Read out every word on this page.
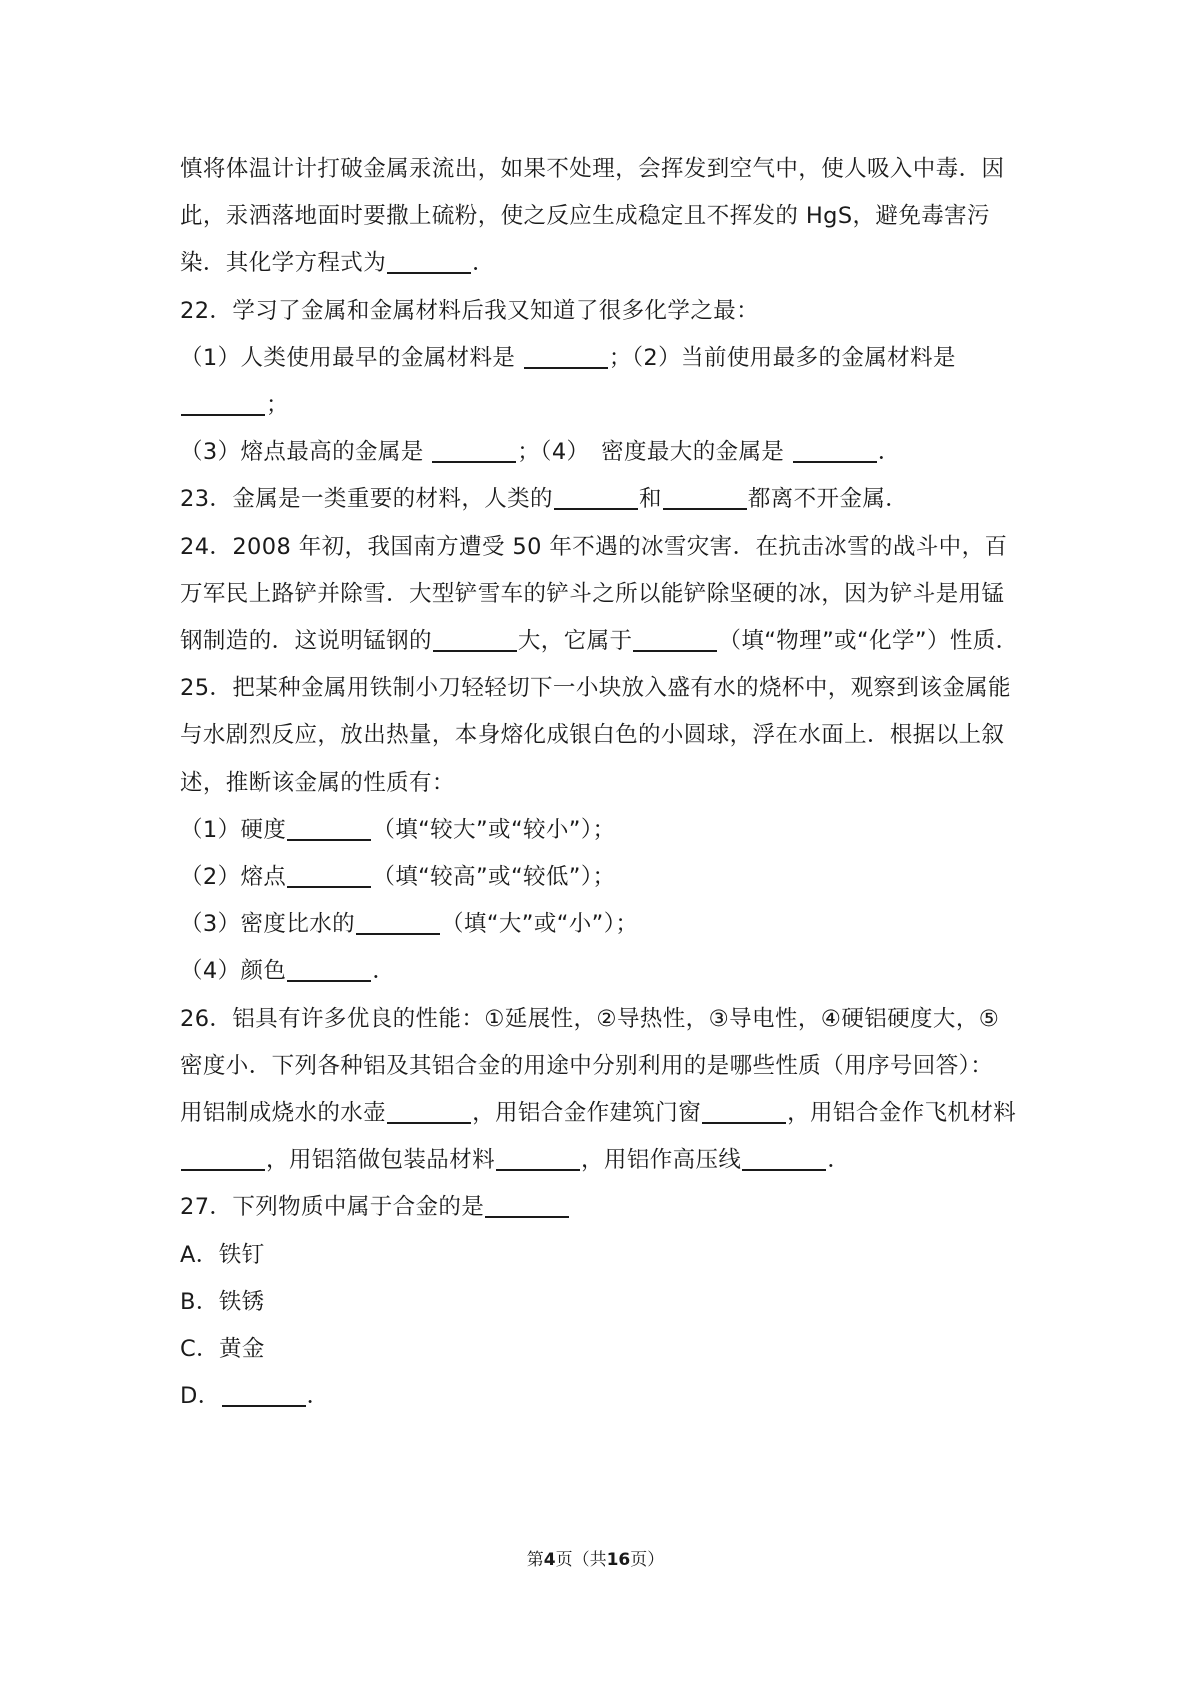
慎将体温计计打破金属汞流出，如果不处理，会挥发到空气中，使人吸入中毒．因此，汞洒落地面时要撒上硫粉，使之反应生成稳定且不挥发的 HgS，避免毒害污染．其化学方程式为	．

22．学习了金属和金属材料后我又知道了很多化学之最：

（1）人类使用最早的金属材料是	；（2）当前使用最多的金属材料是 ；

（3）熔点最高的金属是	；（4）　密度最大的金属是	．

23．金属是一类重要的材料，人类的	和	都离不开金属．

24．2008 年初，我国南方遭受 50 年不遇的冰雪灾害．在抗击冰雪的战斗中，百万军民上路铲并除雪．大型铲雪车的铲斗之所以能铲除坚硬的冰，因为铲斗是用锰钢制造的．这说明锰钢的	大，它属于	（填“物理”或“化学”）性质．

25．把某种金属用铁制小刀轻轻切下一小块放入盛有水的烧杯中，观察到该金属能与水剧烈反应，放出热量，本身熔化成银白色的小圆球，浮在水面上．根据以上叙述，推断该金属的性质有：

（1）硬度	（填“较大”或“较小”）；

（2）熔点	（填“较高”或“较低”）；

（3）密度比水的	（填“大”或“小”）；

（4）颜色	．

26．铝具有许多优良的性能：①延展性，②导热性，③导电性，④硬铝硬度大，⑤密度小．下列各种铝及其铝合金的用途中分别利用的是哪些性质（用序号回答）：

用铝制成烧水的水壶	，用铝合金作建筑门窗	，用铝合金作飞机材料，用铝箔做包装品材料	，用铝作高压线	．

27．下列物质中属于合金的是

A．铁钉

B．铁锈

C．黄金

D．	．

第4页（共16页）
